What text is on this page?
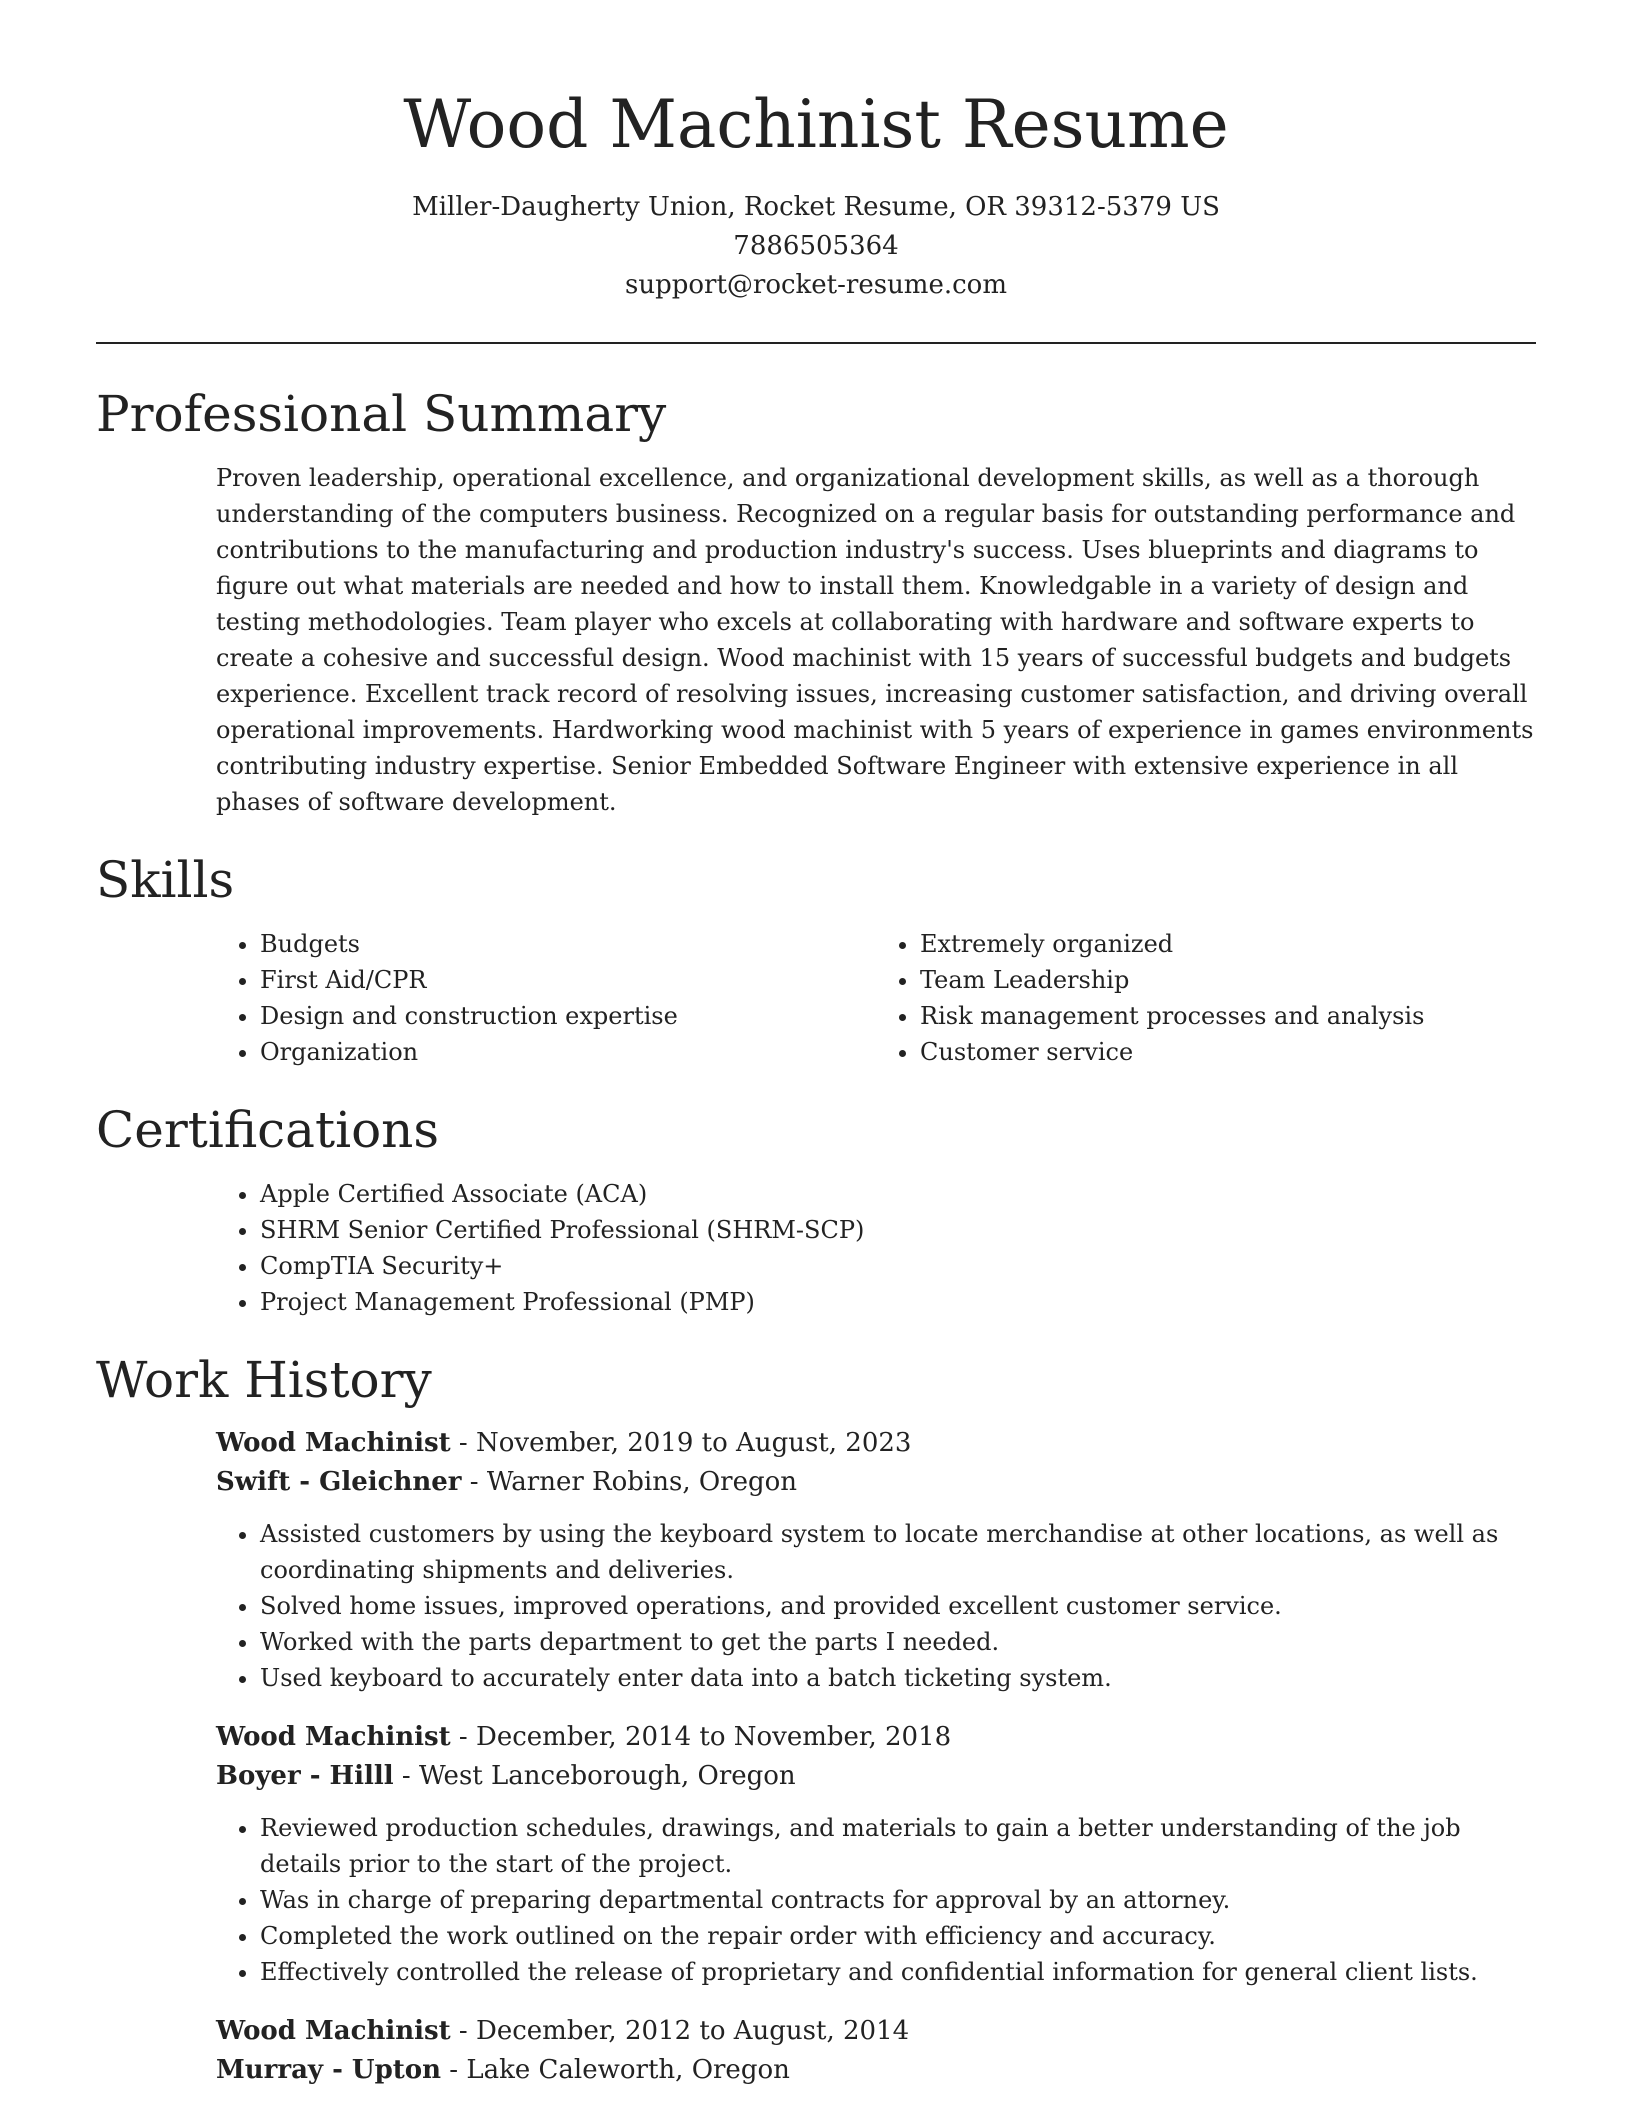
Wood Machinist Resume
Miller-Daugherty Union, Rocket Resume, OR 39312-5379 US
7886505364
support@rocket-resume.com
Professional Summary

Proven leadership, operational excellence, and organizational development skills, as well as a thorough understanding of the computers business. Recognized on a regular basis for outstanding performance and contributions to the manufacturing and production industry's success. Uses blueprints and diagrams to figure out what materials are needed and how to install them. Knowledgable in a variety of design and testing methodologies. Team player who excels at collaborating with hardware and software experts to create a cohesive and successful design. Wood machinist with 15 years of successful budgets and budgets experience. Excellent track record of resolving issues, increasing customer satisfaction, and driving overall operational improvements. Hardworking wood machinist with 5 years of experience in games environments contributing industry expertise. Senior Embedded Software Engineer with extensive experience in all phases of software development.

Skills
• Budgets
• First Aid/CPR
• Design and construction expertise
• Organization
• Extremely organized
• Team Leadership
• Risk management processes and analysis
• Customer service
Certifications
• Apple Certified Associate (ACA)
• SHRM Senior Certified Professional (SHRM-SCP)
• CompTIA Security+
• Project Management Professional (PMP)
Work History
Wood Machinist - November, 2019 to August, 2023
Swift - Gleichner - Warner Robins, Oregon
• Assisted customers by using the keyboard system to locate merchandise at other locations, as well as coordinating shipments and deliveries.
• Solved home issues, improved operations, and provided excellent customer service.
• Worked with the parts department to get the parts I needed.
• Used keyboard to accurately enter data into a batch ticketing system.
Wood Machinist - December, 2014 to November, 2018
Boyer - Hilll - West Lanceborough, Oregon
• Reviewed production schedules, drawings, and materials to gain a better understanding of the job details prior to the start of the project.
• Was in charge of preparing departmental contracts for approval by an attorney.
• Completed the work outlined on the repair order with efficiency and accuracy.
• Effectively controlled the release of proprietary and confidential information for general client lists.
Wood Machinist - December, 2012 to August, 2014
Murray - Upton - Lake Caleworth, Oregon
